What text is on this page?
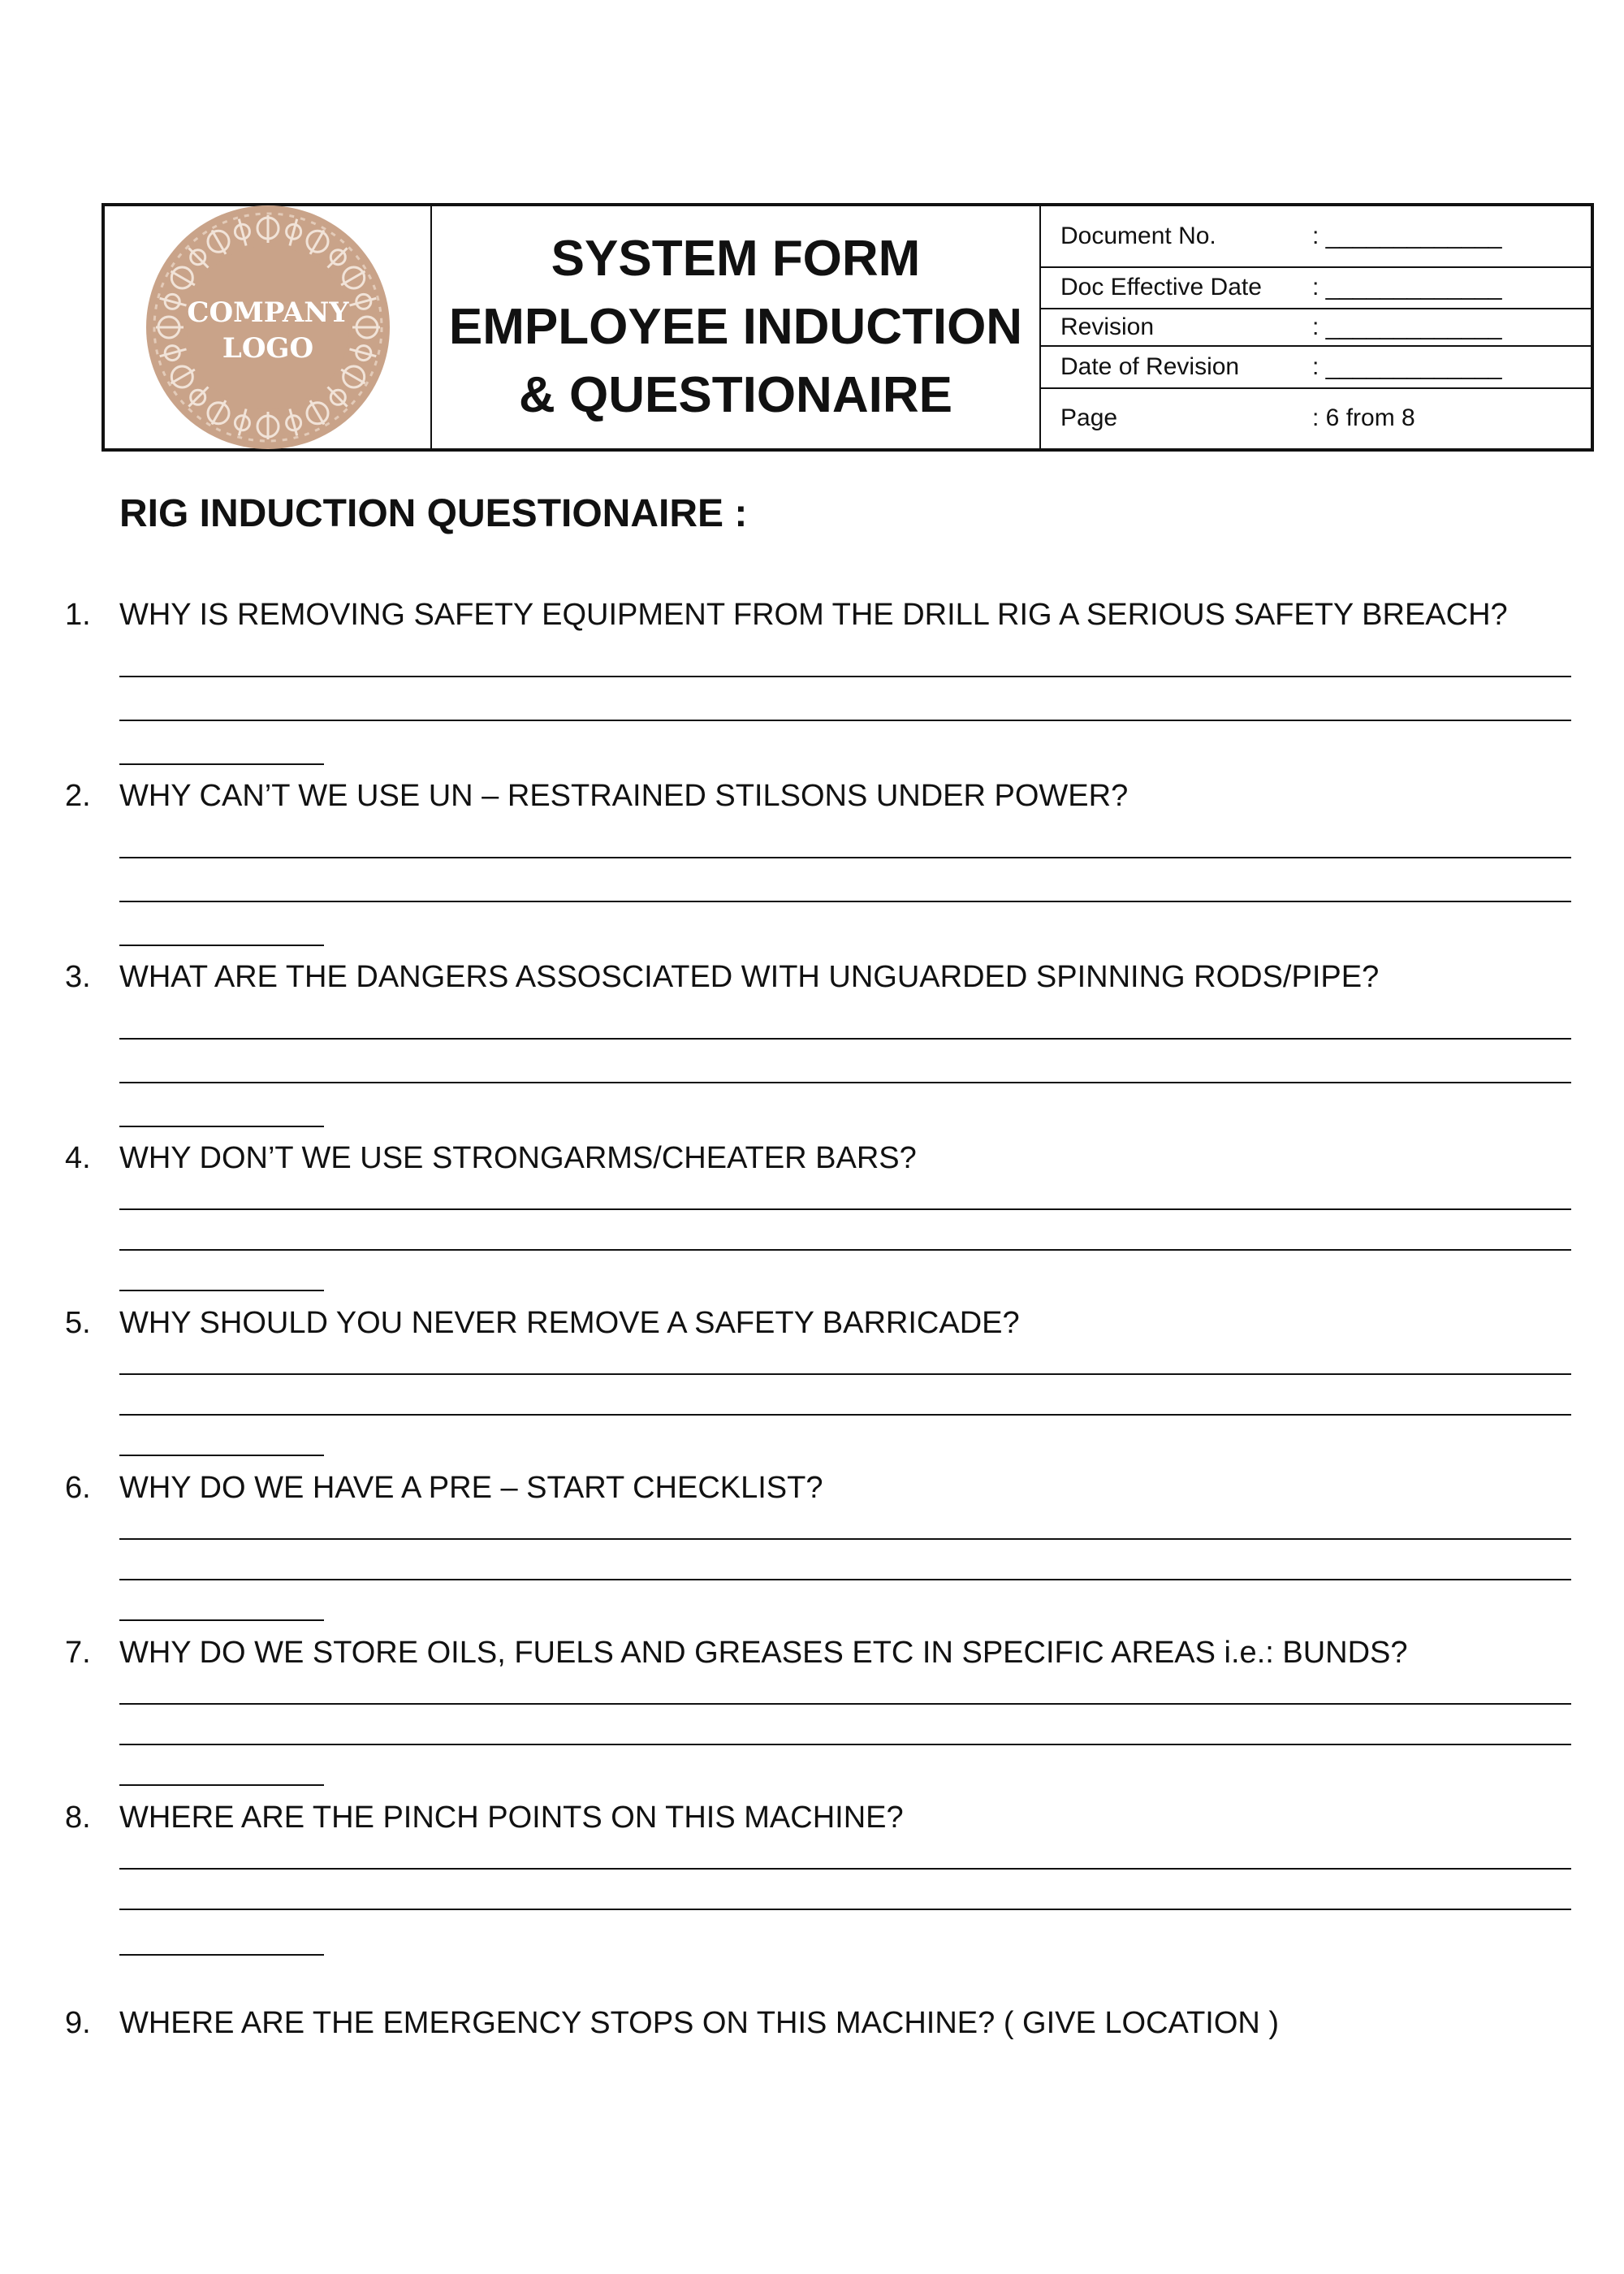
COMPANY
LOGO
SYSTEM FORM
EMPLOYEE INDUCTION
& QUESTIONAIRE
Document No.	: _____________
Doc Effective Date	: _____________
Revision	: _____________
Date of Revision	: _____________
Page	: 6 from 8
RIG INDUCTION QUESTIONAIRE :
1. WHY IS REMOVING SAFETY EQUIPMENT FROM THE DRILL RIG A SERIOUS SAFETY BREACH?
2. WHY CAN’T WE USE UN – RESTRAINED STILSONS UNDER POWER?
3. WHAT ARE THE DANGERS ASSOSCIATED WITH UNGUARDED SPINNING RODS/PIPE?
4. WHY DON’T WE USE STRONGARMS/CHEATER BARS?
5. WHY SHOULD YOU NEVER REMOVE A SAFETY BARRICADE?
6. WHY DO WE HAVE A PRE – START CHECKLIST?
7. WHY DO WE STORE OILS, FUELS AND GREASES ETC IN SPECIFIC AREAS i.e.: BUNDS?
8. WHERE ARE THE PINCH POINTS ON THIS MACHINE?
9. WHERE ARE THE EMERGENCY STOPS ON THIS MACHINE? ( GIVE LOCATION )
